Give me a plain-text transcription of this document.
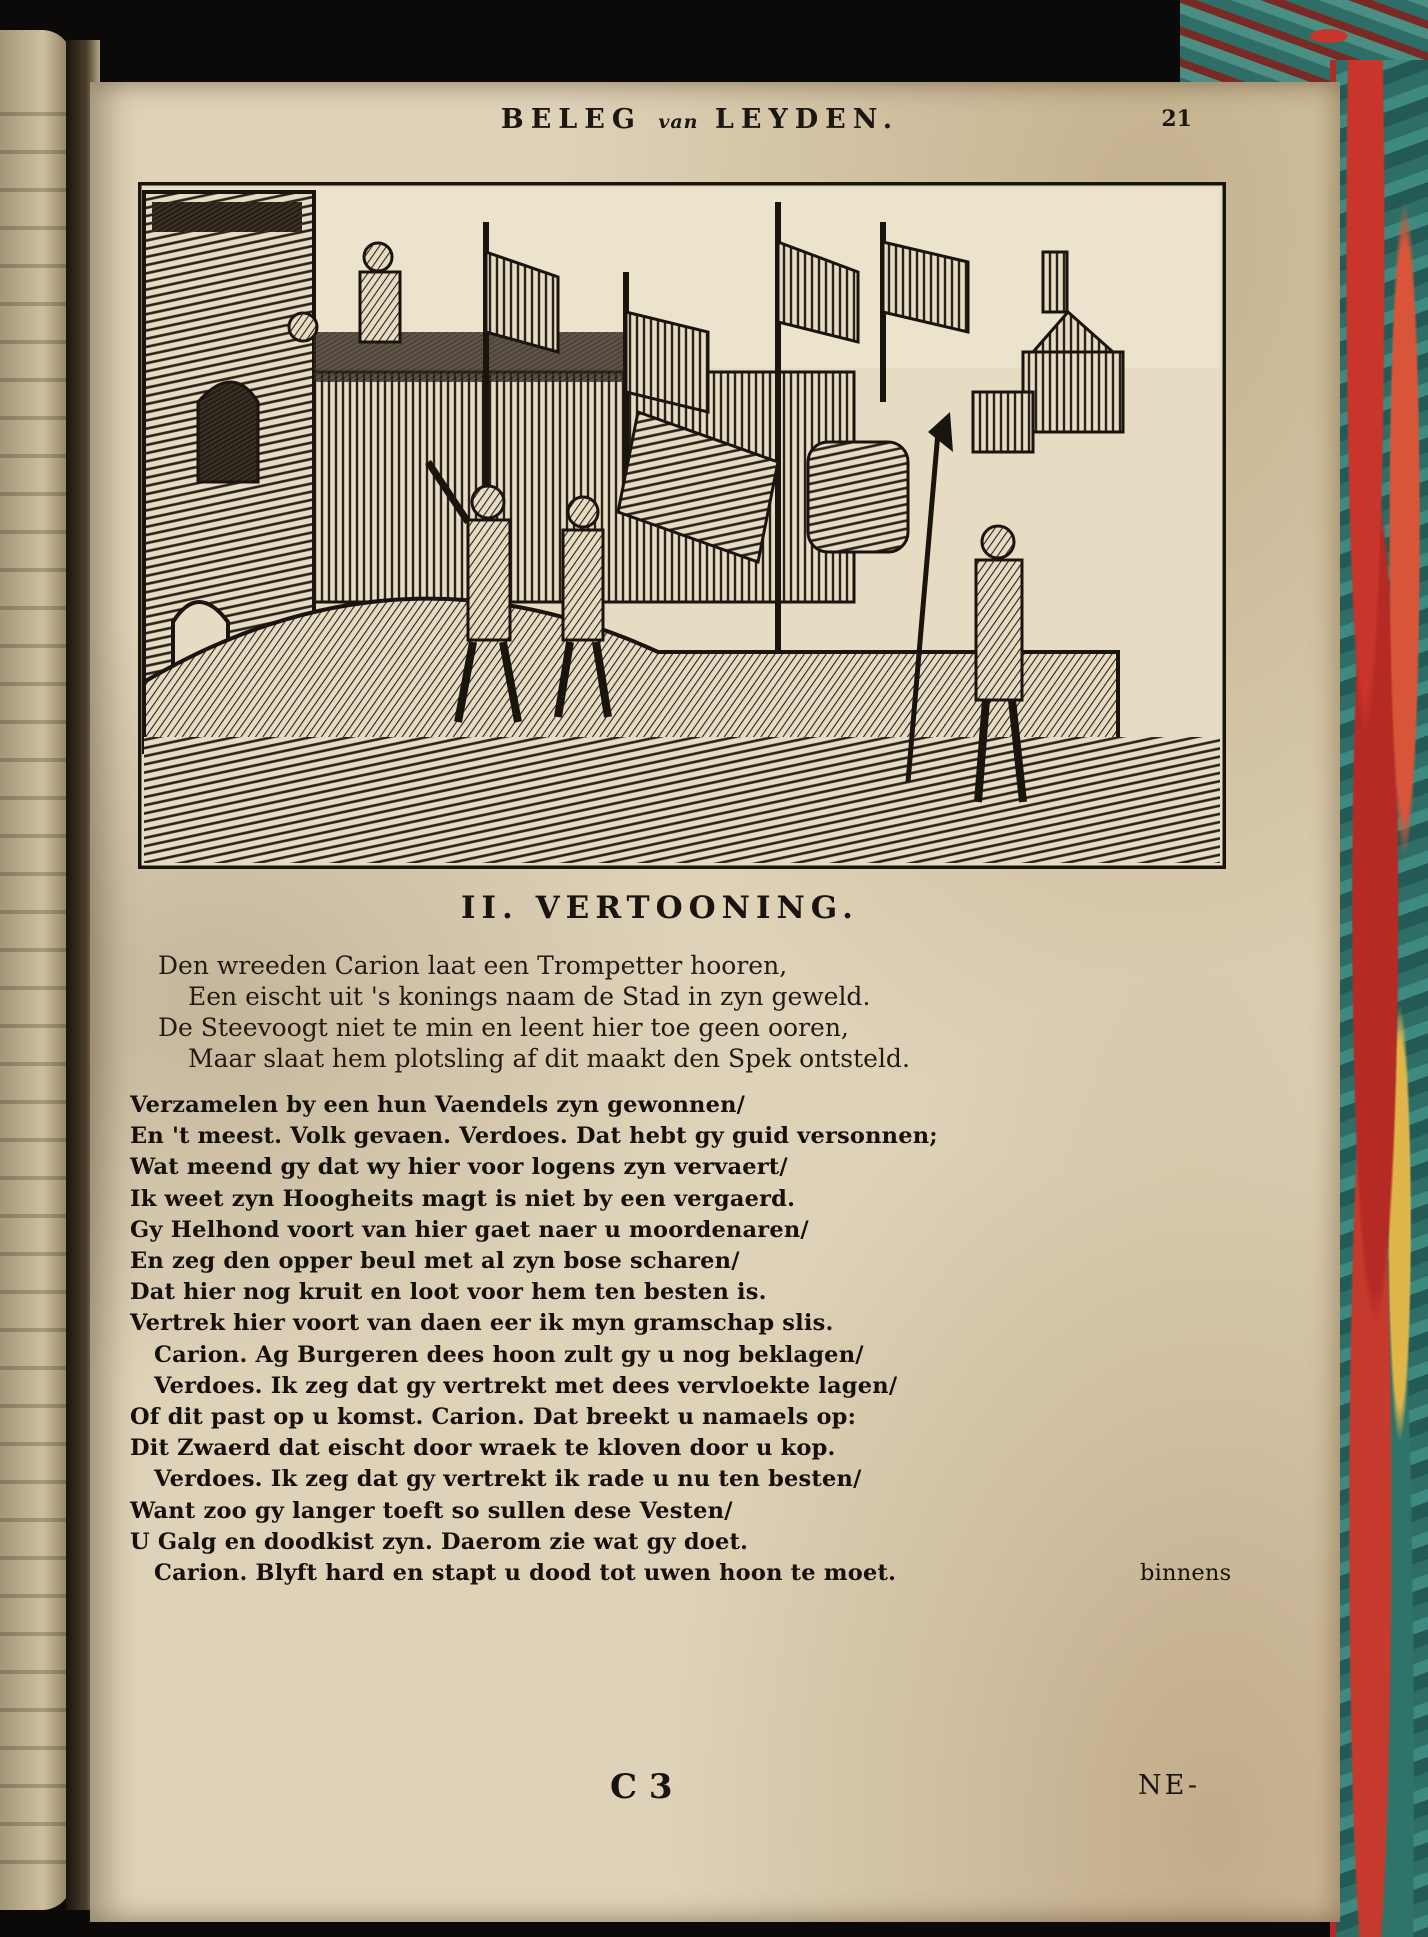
BELEG van LEYDEN.	21
II. VERTOONING.
Den wreeden Carion laat een Trompetter hooren,
Een eischt uit 's konings naam de Stad in zyn geweld.
De Steevoogt niet te min en leent hier toe geen ooren,
Maar slaat hem plotsling af dit maakt den Spek ontsteld.
Verzamelen by een hun Vaendels zyn gewonnen/
En 't meest. Volk gevaen. Verdoes. Dat hebt gy guid versonnen;
Wat meend gy dat wy hier voor logens zyn vervaert/
Ik weet zyn Hoogheits magt is niet by een vergaerd.
Gy Helhond voort van hier gaet naer u moordenaren/
En zeg den opper beul met al zyn bose scharen/
Dat hier nog kruit en loot voor hem ten besten is.
Vertrek hier voort van daen eer ik myn gramschap slis.
Carion. Ag Burgeren dees hoon zult gy u nog beklagen/
Verdoes. Ik zeg dat gy vertrekt met dees vervloekte lagen/
Of dit past op u komst. Carion. Dat breekt u namaels op:
Dit Zwaerd dat eischt door wraek te kloven door u kop.
Verdoes. Ik zeg dat gy vertrekt ik rade u nu ten besten/
Want zoo gy langer toeft so sullen dese Vesten/
U Galg en doodkist zyn. Daerom zie wat gy doet.
Carion. Blyft hard en stapt u dood tot uwen hoon te moet.	binnens
C 3	NE-
